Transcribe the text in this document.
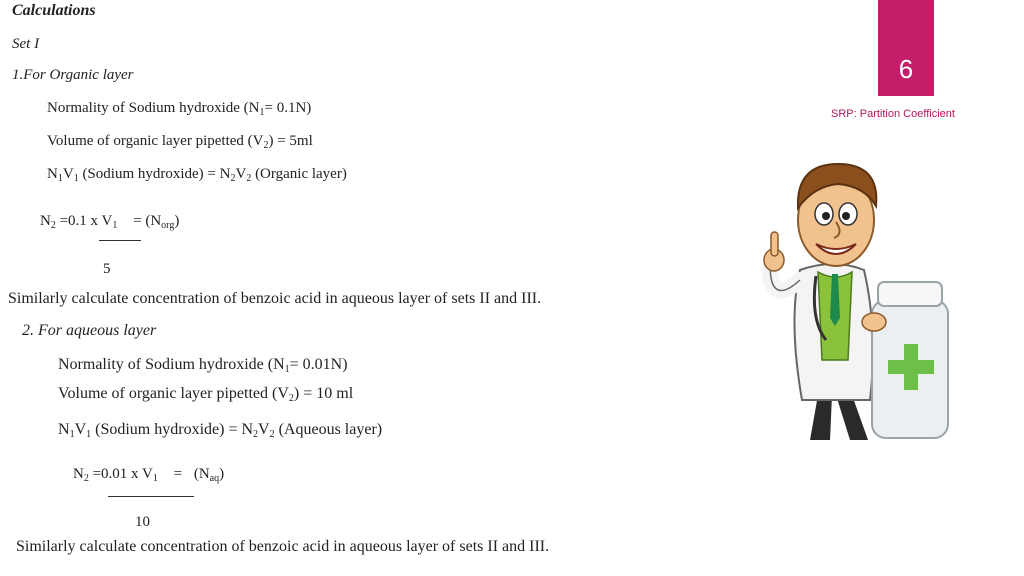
6
SRP: Partition Coefficient
Calculations
Set I
1.For Organic layer
Normality of Sodium hydroxide $(N_1= 0.1N)$
Volume of organic layer pipetted $(V_2) = 5ml$
$N_1V_1$ (Sodium hydroxide) = $N_2V_2$ (Organic layer)
$N_2 =0.1$ x $V_1 = (N_{org})$
5
Similarly calculate concentration of benzoic acid in aqueous layer of sets II and III.
2. For aqueous layer
Normality of Sodium hydroxide $(N_1= 0.01N)$
Volume of organic layer pipetted $(V_2) = 10$ ml
$N_1V_1$ (Sodium hydroxide) = $N_2V_2$ (Aqueous layer)
$N_2 =0.01$ x $V_1 = (N_{aq})$
10
Similarly calculate concentration of benzoic acid in aqueous layer of sets II and III.
